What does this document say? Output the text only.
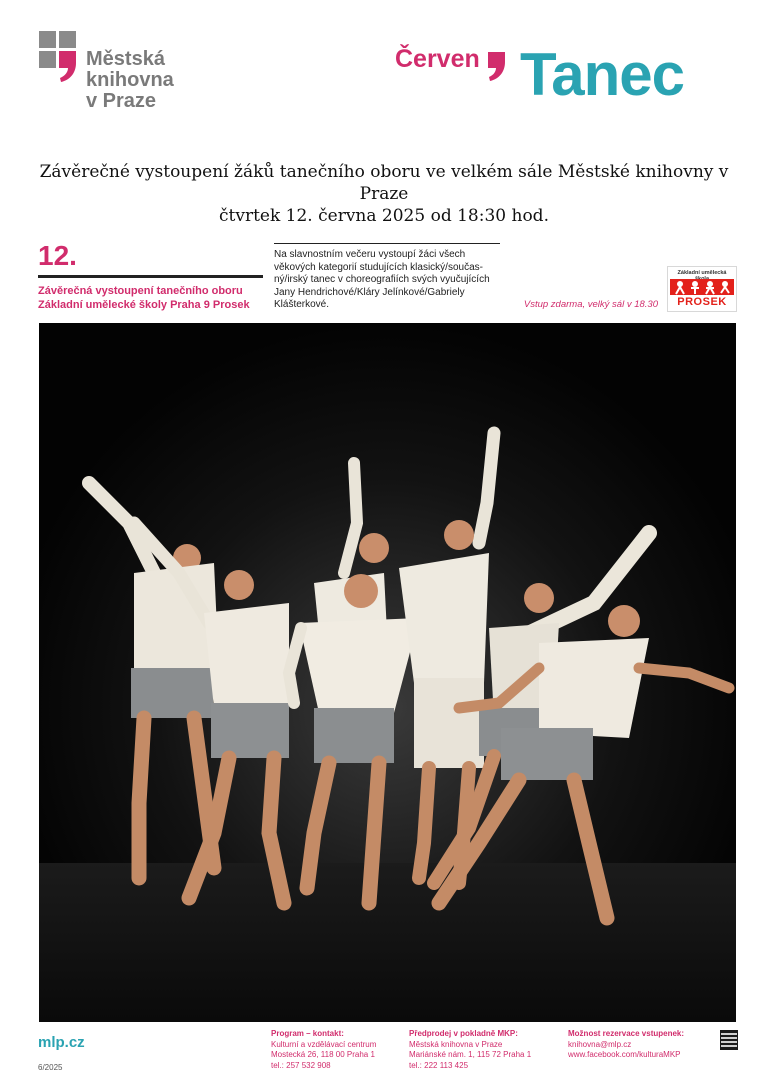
Městská
knihovna
v Praze
Červen Tanec
Závěrečné vystoupení žáků tanečního oboru ve velkém sále Městské knihovny v Praze
čtvrtek 12. června 2025 od 18:30 hod.
12.
Závěrečná vystoupení tanečního oboru
Základní umělecké školy Praha 9 Prosek
Na slavnostním večeru vystoupí žáci všech
věkových kategorií studujících klasický/součas-
ný/irský tanec v choreografiích svých vyučujících
Jany Hendrichové/Kláry Jelínkové/Gabriely
Klášterkové.	Vstup zdarma, velký sál v 18.30
Základní umělecká
PROSEK
mlp.cz
6/2025
Program – kontakt:
Kulturní a vzdělávací centrum
Mostecká 26, 118 00 Praha 1
tel.: 257 532 908
Předprodej v pokladně MKP:
Městská knihovna v Praze
Mariánské nám. 1, 115 72 Praha 1
tel.: 222 113 425
Možnost rezervace vstupenek:
knihovna@mlp.cz
www.facebook.com/kulturaMKP
